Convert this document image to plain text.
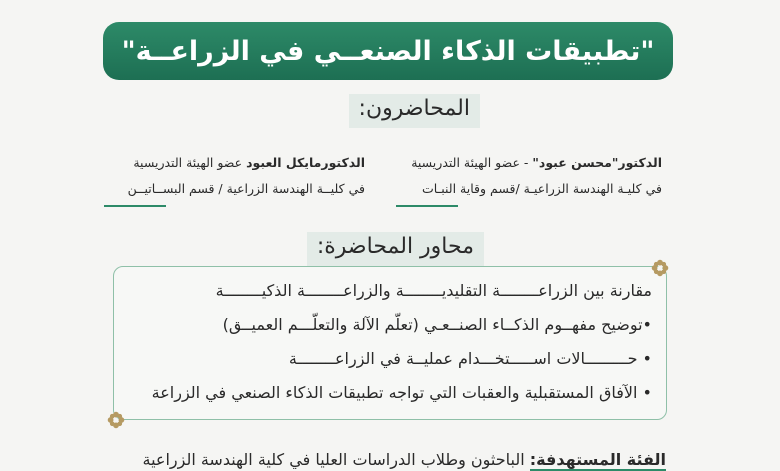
"تطبيقات الذكاء الصنعــي في الزراعــة"
المحاضرون:
الدكتور"محسن عبود" - عضو الهيئة التدريسية
في كليـة الهندسة الزراعيـة /قسم وقاية النبـات
الدكتورمايكل العبود عضو الهيئة التدريسية
في كليــة الهندسة الزراعية / قسم البســاتيــن
محاور المحاضرة:
مقارنة بين الزراعــــــــة التقليديــــــــة والزراعــــــــة الذكيــــــــة
•توضيح مفهــوم الذكــاء الصنــعـي (تعلّم الآلة والتعلّـــم العميــق)
• حـــــــــالات اســـــتخـــدام عمليــة في الزراعــــــــة
• الآفاق المستقبلية والعقبات التي تواجه تطبيقات الذكاء الصنعي في الزراعة
الفئة المستهدفة: الباحثون وطلاب الدراسات العليا في كلية الهندسة الزراعية
